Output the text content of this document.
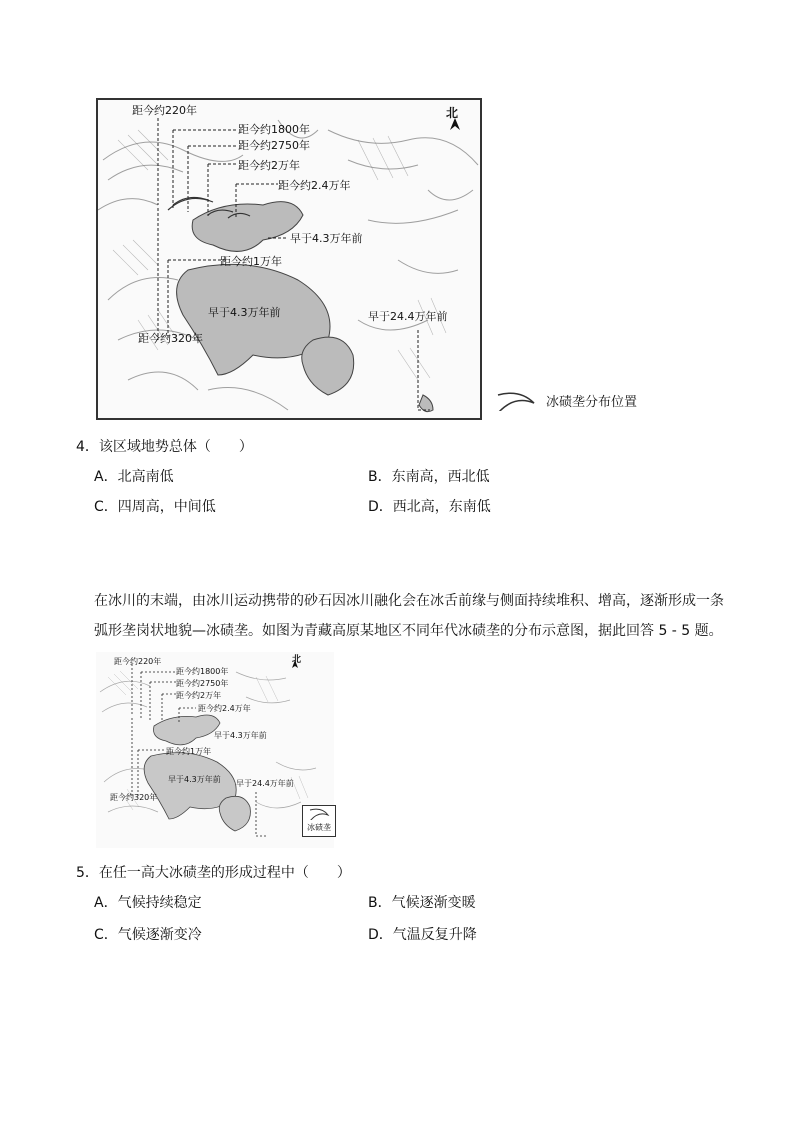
北
距今约220年
距今约1800年
距今约2750年
距今约2万年
距今约2.4万年
早于4.3万年前
距今约1万年
早于4.3万年前	早于24.4万年前
距今约320年
冰碛垄分布位置
4．该区域地势总体（　　）
A．北高南低	B．东南高，西北低
C．四周高，中间低	D．西北高，东南低
在冰川的末端，由冰川运动携带的砂石因冰川融化会在冰舌前缘与侧面持续堆积、增高，逐渐形成一条
弧形垄岗状地貌—冰碛垄。如图为青藏高原某地区不同年代冰碛垄的分布示意图，据此回答 5 - 5 题。
北
距今约220年
距今约1800年
距今约2750年
距今约2万年
距今约2.4万年
早于4.3万年前
距今约1万年
早于4.3万年前 早于24.4万年前
距今约320年
冰碛垄
5．在任一高大冰碛垄的形成过程中（　　）
A．气候持续稳定	B．气候逐渐变暖
C．气候逐渐变冷	D．气温反复升降
